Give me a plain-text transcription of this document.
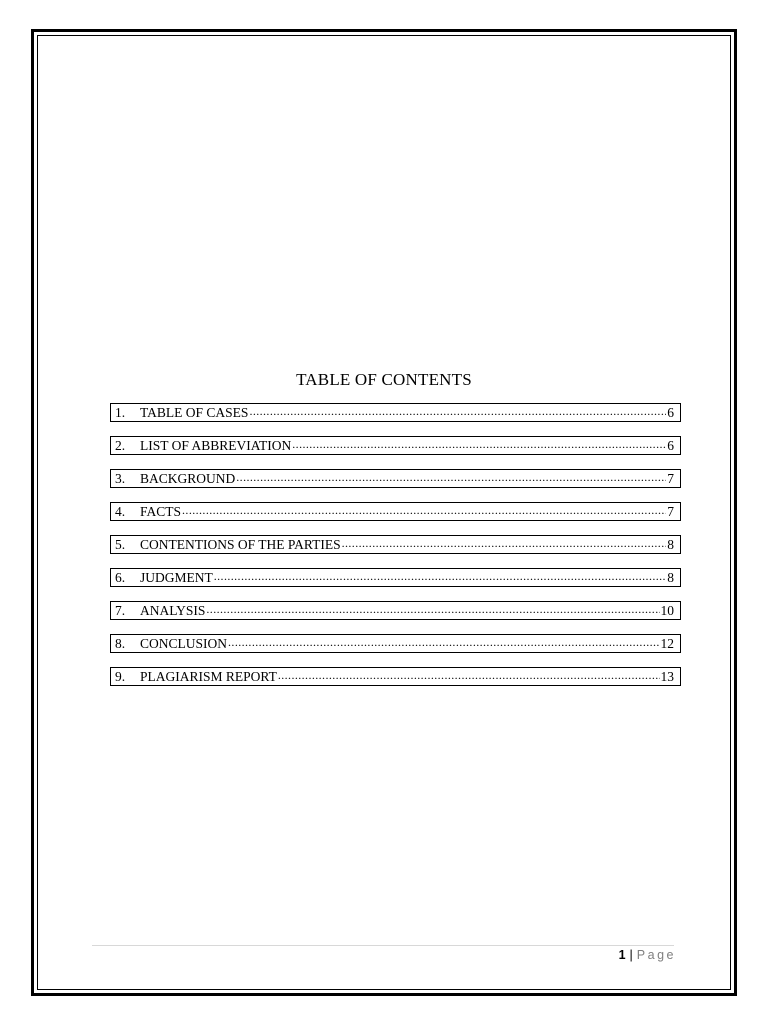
TABLE OF CONTENTS
1.	TABLE OF CASES .....	6
2.	LIST OF ABBREVIATION .....	6
3.	BACKGROUND .....	7
4.	FACTS .....	7
5.	CONTENTIONS OF THE PARTIES .....	8
6.	JUDGMENT .....	8
7.	ANALYSIS .....	10
8.	CONCLUSION .....	12
9.	PLAGIARISM REPORT .....	13
1 | Page
